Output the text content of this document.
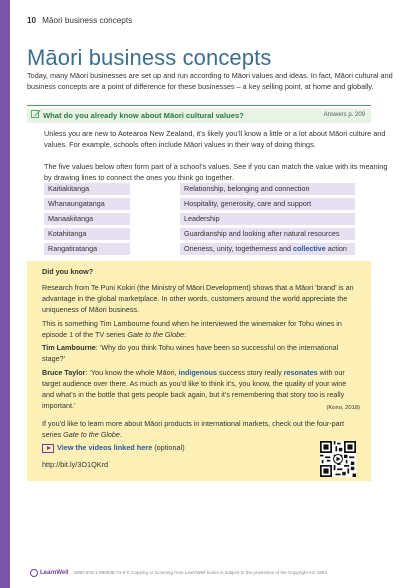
10 Māori business concepts
Māori business concepts

Today, many Māori businesses are set up and run according to Māori values and ideas. In fact, Māori cultural and business concepts are a point of difference for these businesses – a key selling point, at home and globally.

What do you already know about Māori cultural values?	Answers p. 209

Unless you are new to Aotearoa New Zealand, it’s likely you’ll know a little or a lot about Māori culture and values. For example, schools often include Māori values in their way of doing things.

The five values below often form part of a school’s values. See if you can match the value with its meaning by drawing lines to connect the ones you think go together.

Kaitiakitanga
Whanaungatanga
Manaakitanga
Kotahitanga
Rangatiratanga
Relationship, belonging and connection
Hospitality, generosity, care and support
Leadership
Guardianship and looking after natural resources
Oneness, unity, togetherness and collective action

Did you know?

Research from Te Puni Kokiri (the Ministry of Māori Development) shows that a Māori ‘brand’ is an advantage in the global marketplace. In other words, customers around the world appreciate the uniqueness of Māori business.

This is something Tim Lambourne found when he interviewed the winemaker for Tohu wines in episode 1 of the TV series Gate to the Globe:

Tim Lambourne: ‘Why do you think Tohu wines have been so successful on the international stage?’

Bruce Taylor: ‘You know the whole Māori, indigenous success story really resonates with our target audience over there. As much as you’d like to think it’s, you know, the quality of your wine and what’s in the bottle that gets people back again, but it’s remembering that story too is really important.’	(Kono, 2018)

If you’d like to learn more about Māori products in international markets, check out the four-part series Gate to the Globe.

View the videos linked here (optional)
http://bit.ly/3O1QKrd
LearnWell ISBN 978-1-990038-74-9 © Copying or scanning from LearnWell books is subject to the provisions of the Copyright Act 1994.
